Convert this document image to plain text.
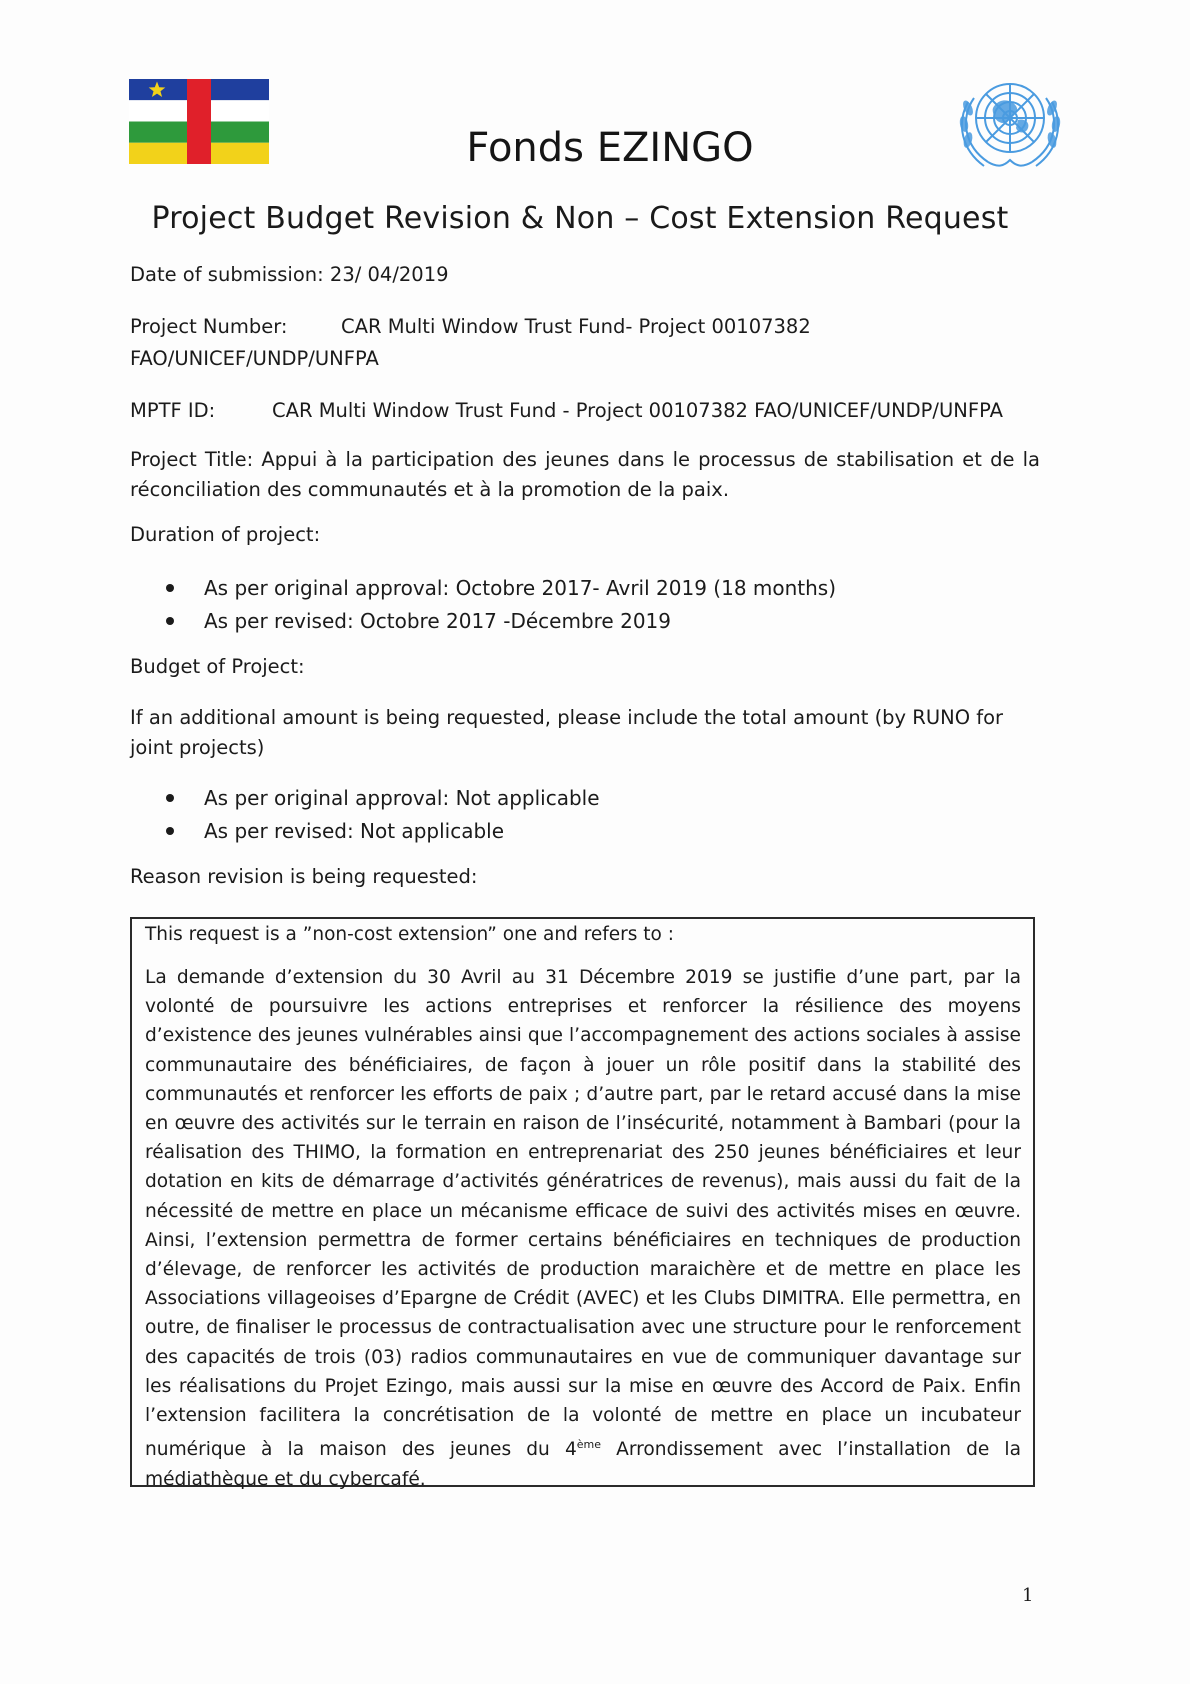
Fonds EZINGO
Project Budget Revision & Non – Cost Extension Request
Date of submission: 23/ 04/2019
Project Number:	CAR Multi Window Trust Fund- Project 00107382
FAO/UNICEF/UNDP/UNFPA
MPTF ID:	CAR Multi Window Trust Fund - Project 00107382 FAO/UNICEF/UNDP/UNFPA
Project Title: Appui à la participation des jeunes dans le processus de stabilisation et de la réconciliation des communautés et à la promotion de la paix.
Duration of project:
As per original approval: Octobre 2017- Avril 2019 (18 months)
As per revised: Octobre 2017 -Décembre 2019
Budget of Project:
If an additional amount is being requested, please include the total amount (by RUNO for joint projects)
As per original approval: Not applicable
As per revised: Not applicable
Reason revision is being requested:
This request is a ”non-cost extension” one and refers to :
La demande d’extension du 30 Avril au 31 Décembre 2019 se justifie d’une part, par la volonté de poursuivre les actions entreprises et renforcer la résilience des moyens d’existence des jeunes vulnérables ainsi que l’accompagnement des actions sociales à assise communautaire des bénéficiaires, de façon à jouer un rôle positif dans la stabilité des communautés et renforcer les efforts de paix ; d’autre part, par le retard accusé dans la mise en œuvre des activités sur le terrain en raison de l’insécurité, notamment à Bambari (pour la réalisation des THIMO, la formation en entreprenariat des 250 jeunes bénéficiaires et leur dotation en kits de démarrage d’activités génératrices de revenus), mais aussi du fait de la nécessité de mettre en place un mécanisme efficace de suivi des activités mises en œuvre. Ainsi, l’extension permettra de former certains bénéficiaires en techniques de production d’élevage, de renforcer les activités de production maraichère et de mettre en place les Associations villageoises d’Epargne de Crédit (AVEC) et les Clubs DIMITRA. Elle permettra, en outre, de finaliser le processus de contractualisation avec une structure pour le renforcement des capacités de trois (03) radios communautaires en vue de communiquer davantage sur les réalisations du Projet Ezingo, mais aussi sur la mise en œuvre des Accord de Paix. Enfin l’extension facilitera la concrétisation de la volonté de mettre en place un incubateur numérique à la maison des jeunes du 4ème Arrondissement avec l’installation de la médiathèque et du cybercafé.
1
